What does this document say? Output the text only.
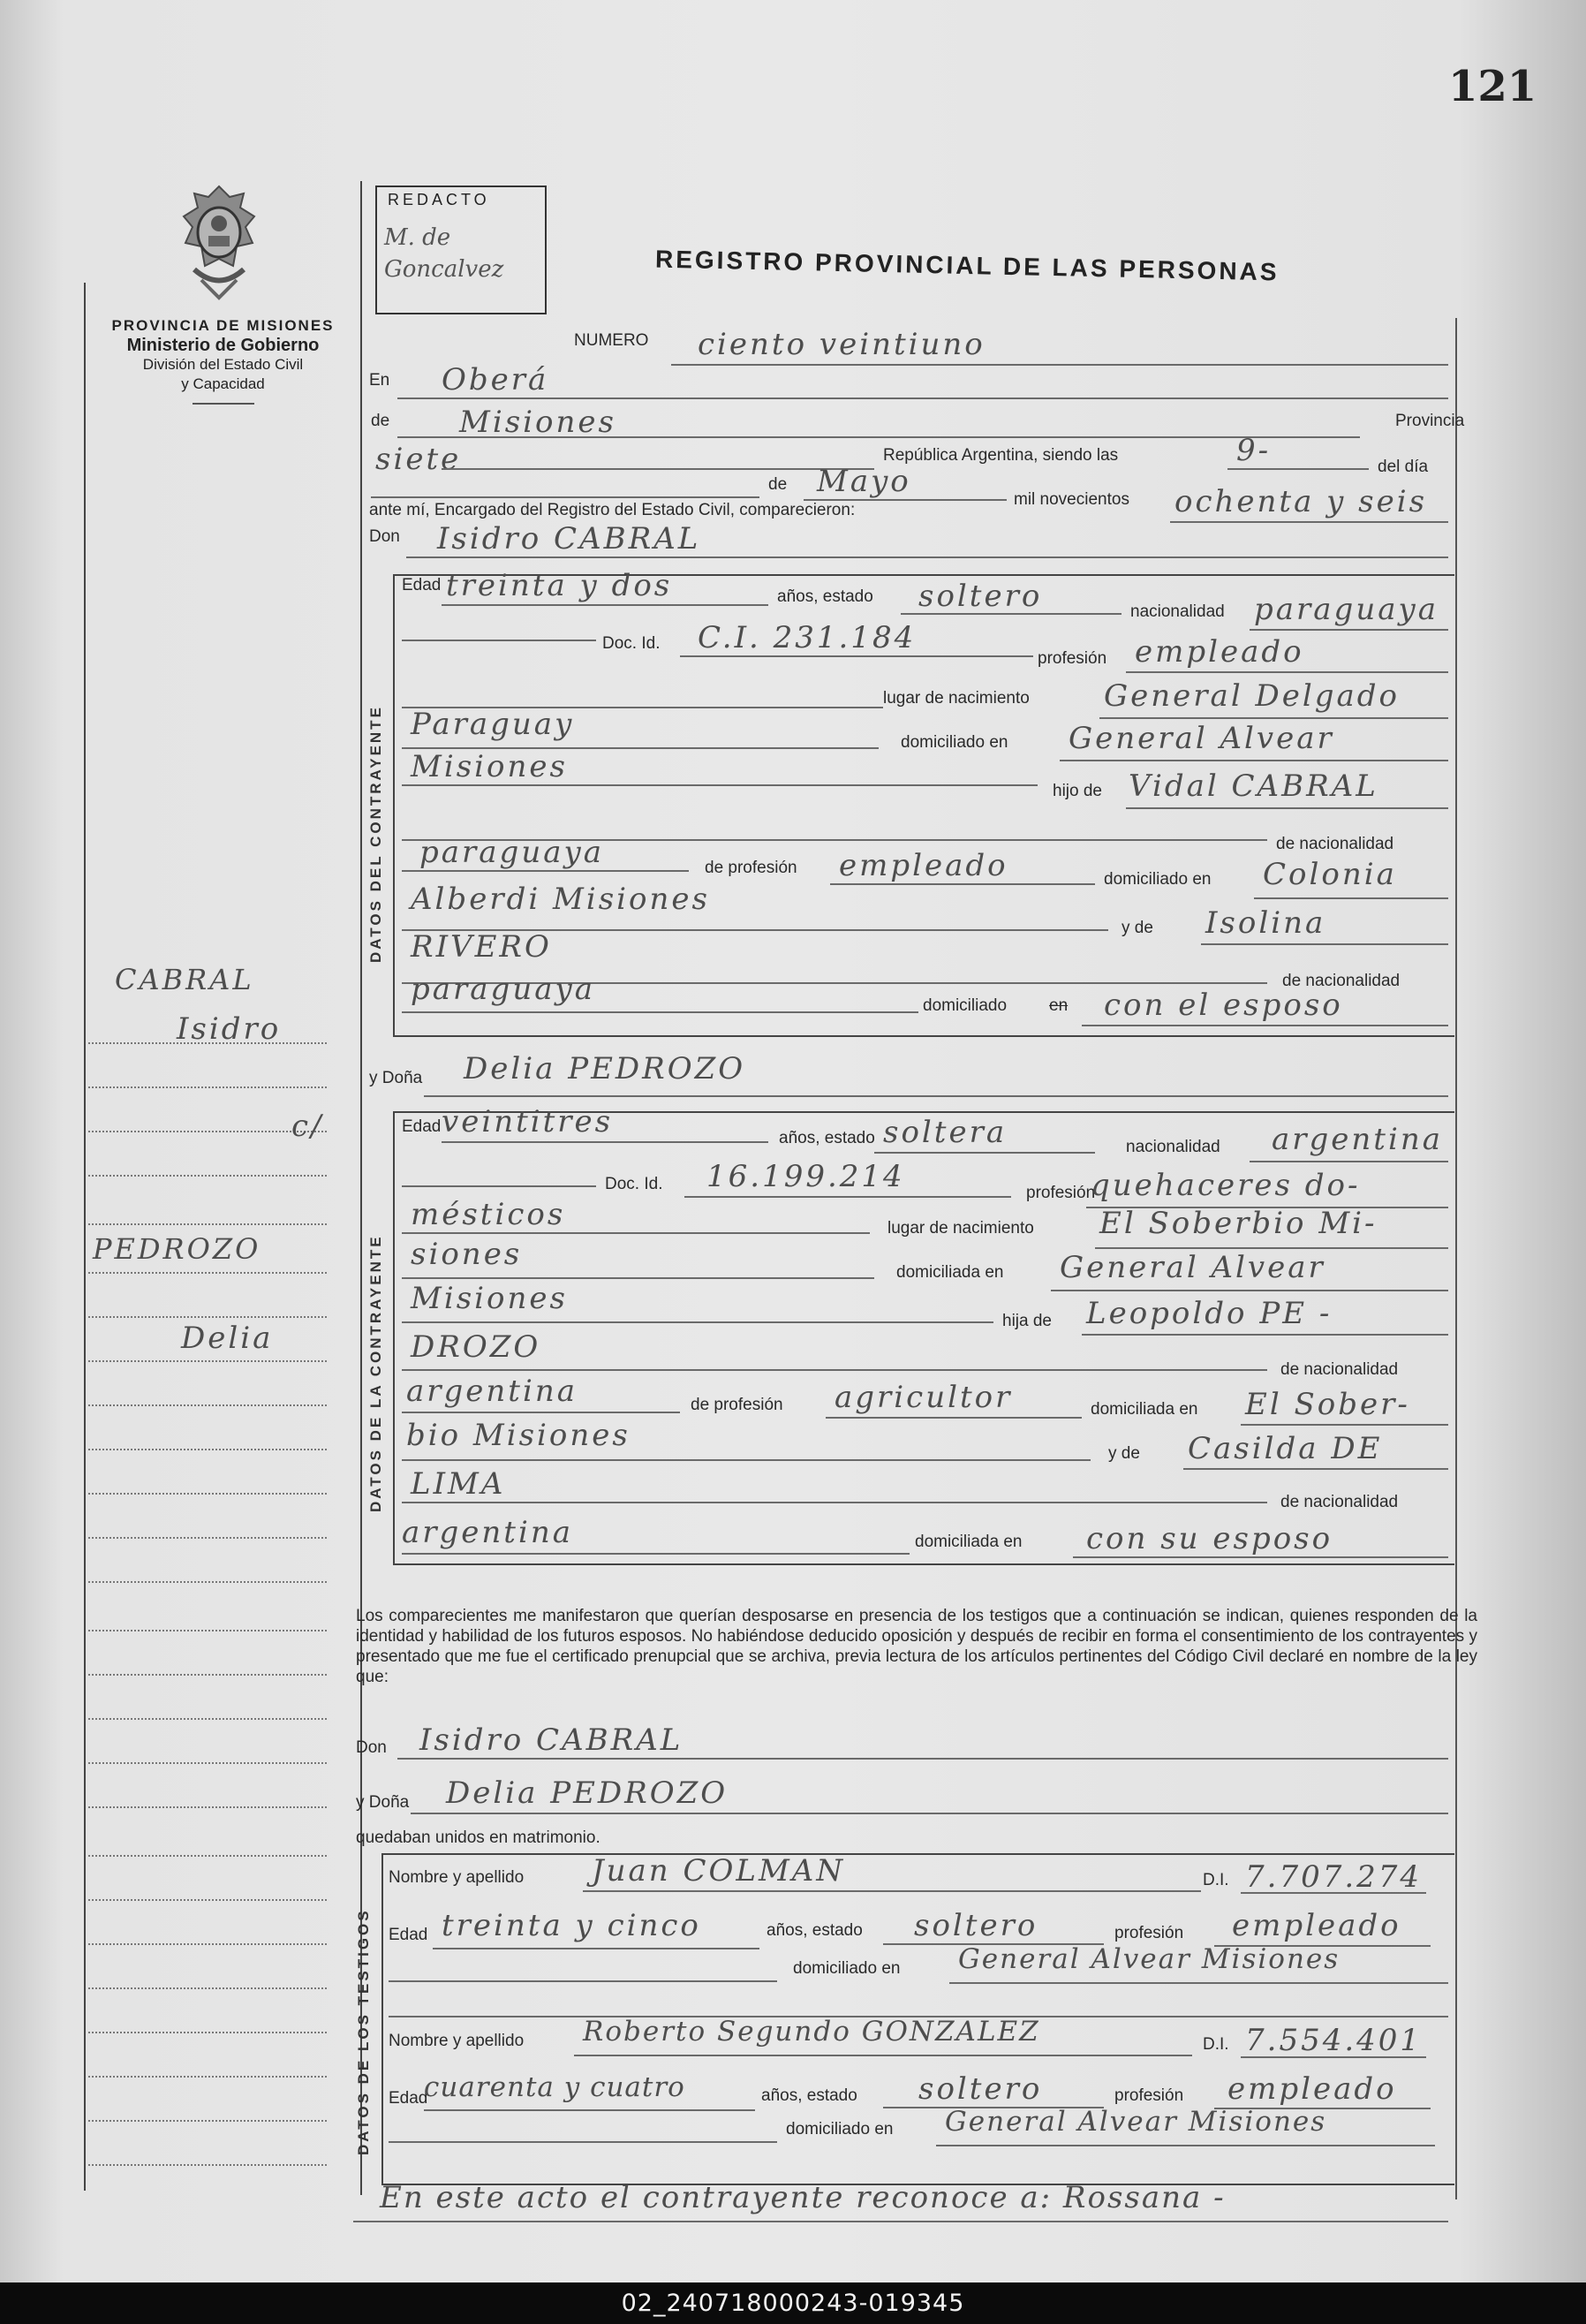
121
PROVINCIA DE MISIONES
Ministerio de Gobierno
División del Estado Civil
y Capacidad
CABRAL
Isidro
c/
PEDROZO
Delia
REDACTO
M. de Goncalvez	REGISTRO PROVINCIAL DE LAS PERSONAS
NUMERO ciento veintiuno
En Oberá
de Misiones	Provincia
siete	República Argentina, siendo las	9-	del día
de Mayo
mil novecientos ochenta y seis
ante mí, Encargado del Registro del Estado Civil, comparecieron:
Don Isidro CABRAL
DATOS DEL CONTRAYENTE
Edad treinta y dos	años, estado soltero	nacionalidad paraguaya
Doc. Id. C.I. 231.184
profesión empleado
lugar de nacimiento General Delgado
Paraguay
domiciliado en General Alvear
Misiones
hijo de Vidal CABRAL
de nacionalidad
paraguaya	de profesión empleado	domiciliado en Colonia
Alberdi Misiones
y de Isolina
RIVERO
de nacionalidad
paraguaya	domiciliado	en con el esposo
y Doña Delia PEDROZO
DATOS DE LA CONTRAYENTE
Edad veintitres	años, estado soltera	nacionalidad argentina
Doc. Id. 16.199.214	profesión
quehaceres do-
mésticos	lugar de nacimiento El Soberbio Mi-
siones
domiciliada en General Alvear
Misiones
hija de Leopoldo PE -
DROZO
de nacionalidad
argentina	de profesión agricultor	domiciliada en El Sober-
bio Misiones
y de Casilda DE
LIMA
de nacionalidad
argentina	domiciliada en con su esposo
Los comparecientes me manifestaron que querían desposarse en presencia de los testigos que a continuación se indican, quienes responden de la identidad y habilidad de los futuros esposos. No habiéndose deducido oposición y después de recibir en forma el consentimiento de los contrayentes y presentado que me fue el certificado prenupcial que se archiva, previa lectura de los artículos pertinentes del Código Civil declaré en nombre de la ley que:
Don Isidro CABRAL
y Doña Delia PEDROZO
quedaban unidos en matrimonio.
DATOS DE LOS TESTIGOS
Nombre y apellido Juan COLMAN	D.I. 7.707.274
Edad treinta y cinco	años, estado soltero	profesión empleado
domiciliado en General Alvear Misiones
Nombre y apellido Roberto Segundo GONZALEZ	D.I. 7.554.401
Edad
cuarenta y cuatro	años, estado soltero	profesión empleado
domiciliado en General Alvear Misiones
En este acto el contrayente reconoce a: Rossana -
02_240718000243-019345
